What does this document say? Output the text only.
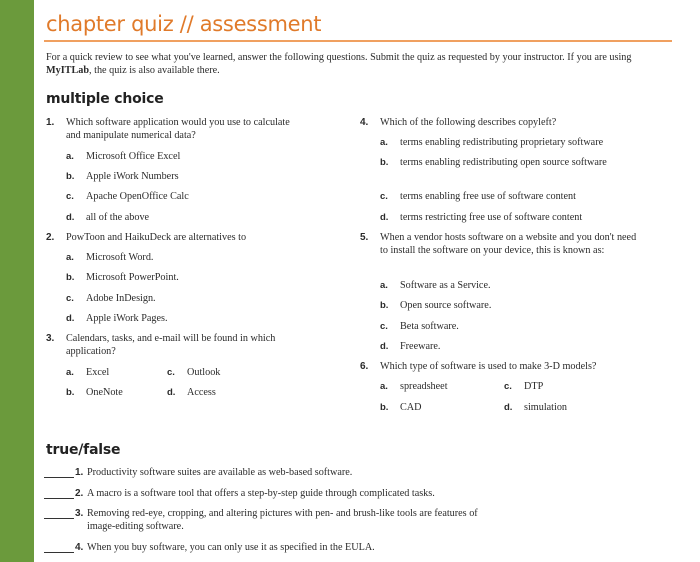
chapter quiz // assessment
For a quick review to see what you've learned, answer the following questions. Submit the quiz as requested by your instructor. If you are using MyITLab, the quiz is also available there.
multiple choice
1. Which software application would you use to calculate and manipulate numerical data?
a. Microsoft Office Excel
b. Apple iWork Numbers
c. Apache OpenOffice Calc
d. all of the above
2. PowToon and HaikuDeck are alternatives to
a. Microsoft Word.
b. Microsoft PowerPoint.
c. Adobe InDesign.
d. Apple iWork Pages.
3. Calendars, tasks, and e-mail will be found in which application?
a. Excel	c. Outlook
b. OneNote	d. Access
4. Which of the following describes copyleft?
a. terms enabling redistributing proprietary software
b. terms enabling redistributing open source software
c. terms enabling free use of software content
d. terms restricting free use of software content
5. When a vendor hosts software on a website and you don't need to install the software on your device, this is known as:
a. Software as a Service.
b. Open source software.
c. Beta software.
d. Freeware.
6. Which type of software is used to make 3-D models?
a. spreadsheet	c. DTP
b. CAD	d. simulation
true/false
1. Productivity software suites are available as web-based software.
2. A macro is a software tool that offers a step-by-step guide through complicated tasks.
3. Removing red-eye, cropping, and altering pictures with pen- and brush-like tools are features of image-editing software.
4. When you buy software, you can only use it as specified in the EULA.
